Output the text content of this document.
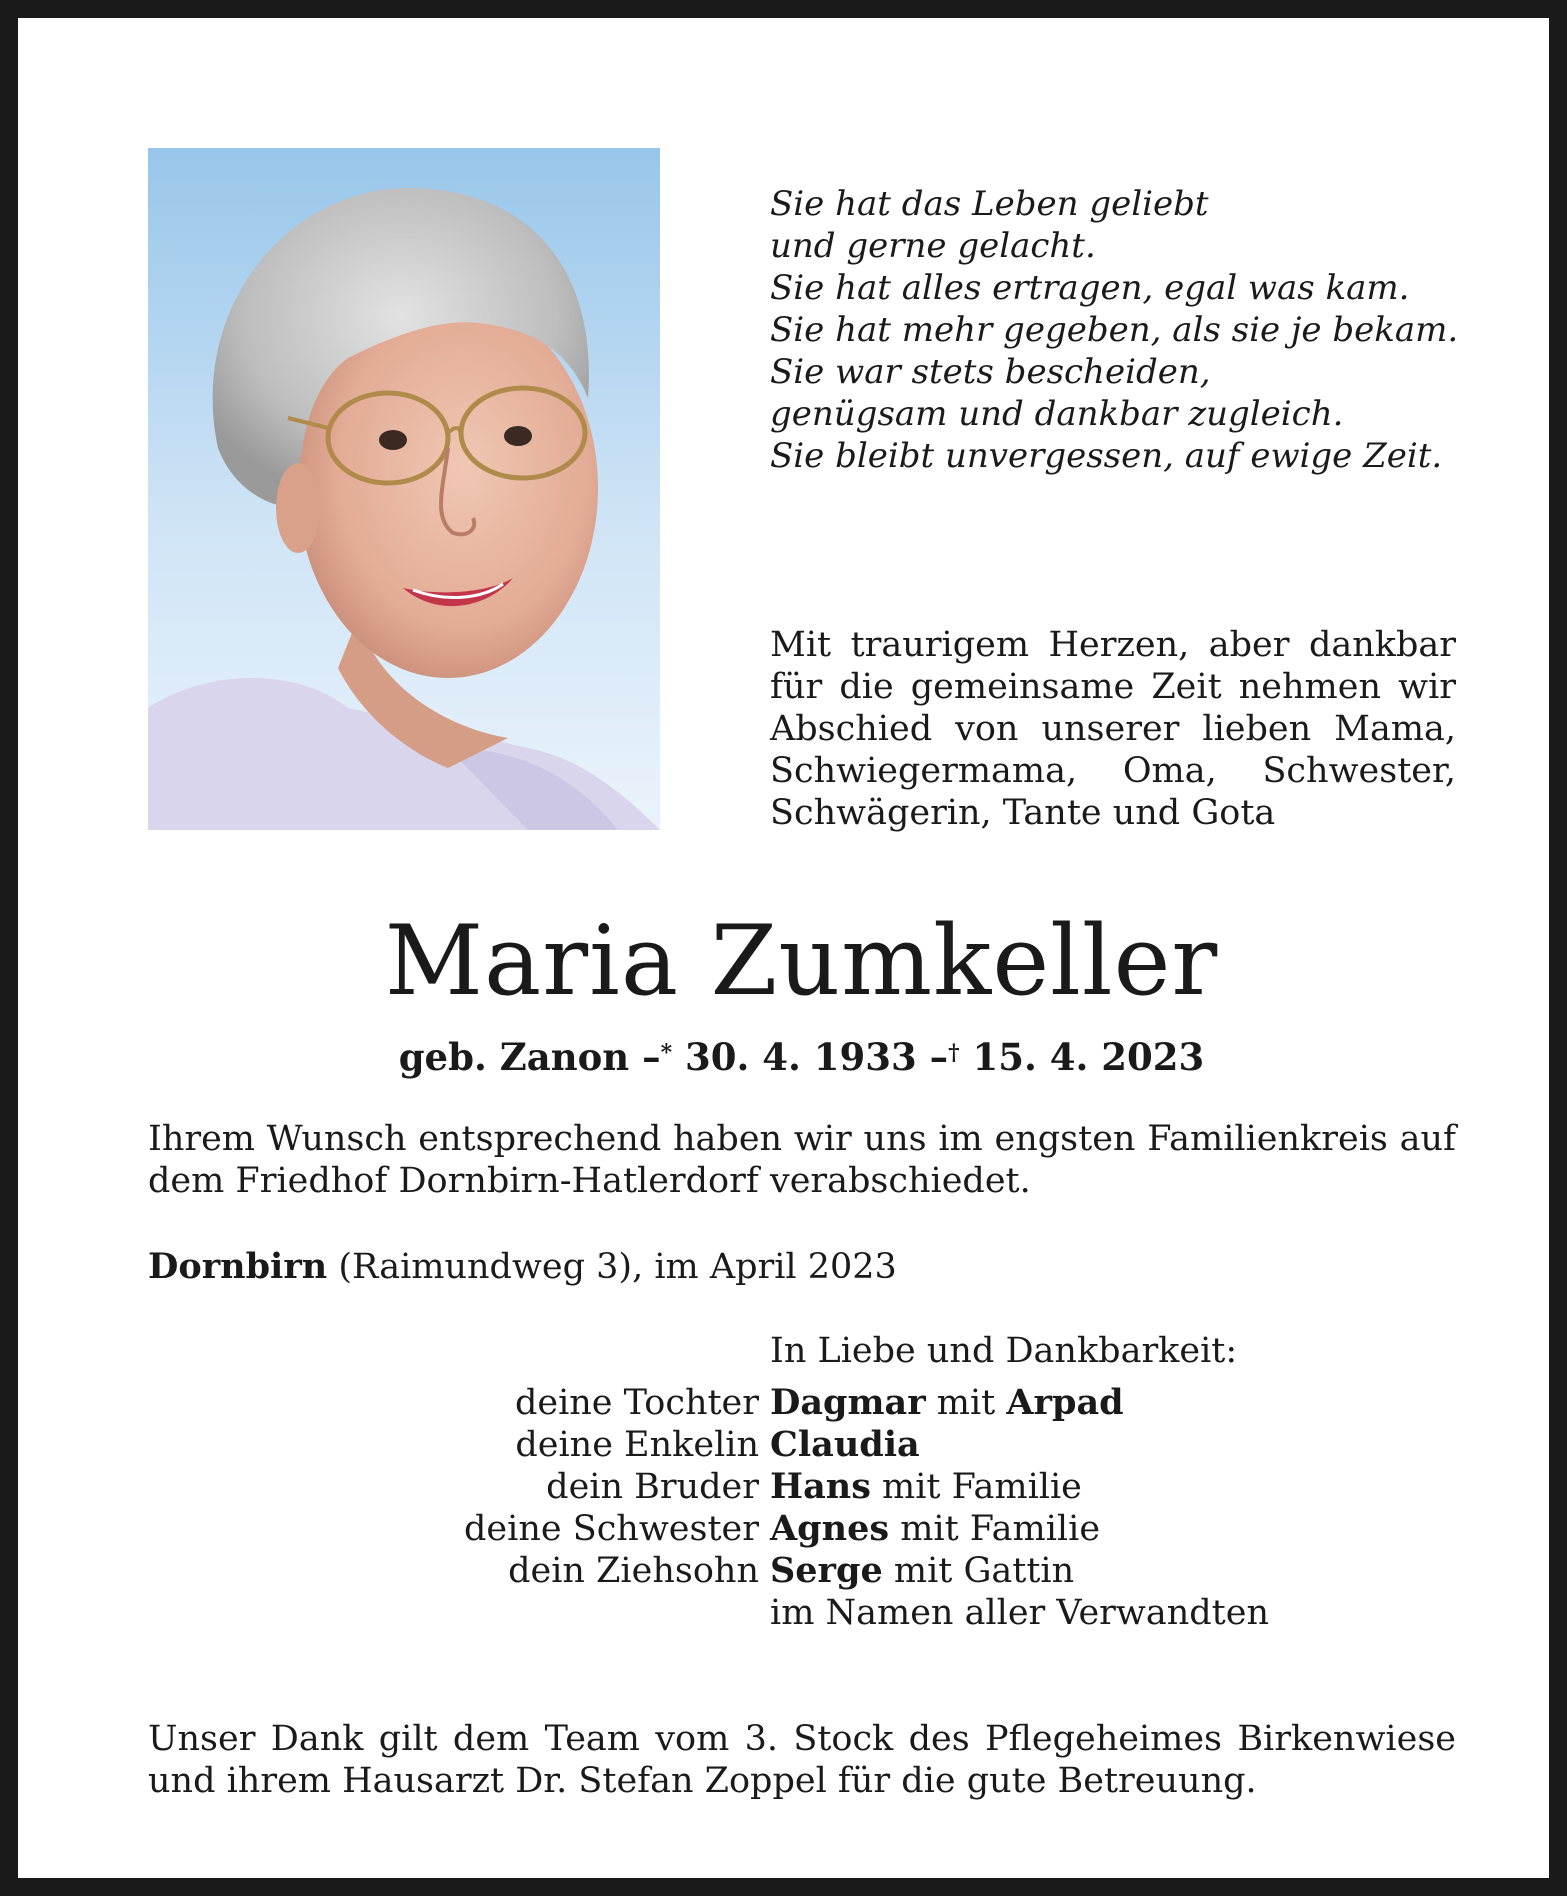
Sie hat das Leben geliebt
und gerne gelacht.
Sie hat alles ertragen, egal was kam.
Sie hat mehr gegeben, als sie je bekam.
Sie war stets bescheiden,
genügsam und dankbar zugleich.
Sie bleibt unvergessen, auf ewige Zeit.
Mit traurigem Herzen, aber dankbar für die gemeinsame Zeit nehmen wir Abschied von unserer lieben Mama, Schwiegermama, Oma, Schwester, Schwägerin, Tante und Gota
Maria Zumkeller
geb. Zanon –* 30. 4. 1933 –† 15. 4. 2023
Ihrem Wunsch entsprechend haben wir uns im engsten Familienkreis auf dem Friedhof Dornbirn-Hatlerdorf verabschiedet.
Dornbirn (Raimundweg 3), im April 2023
In Liebe und Dankbarkeit:
deine Tochter Dagmar mit Arpad
deine Enkelin Claudia
dein Bruder Hans mit Familie
deine Schwester Agnes mit Familie
dein Ziehsohn Serge mit Gattin
im Namen aller Verwandten
Unser Dank gilt dem Team vom 3. Stock des Pflegeheimes Birkenwiese und ihrem Hausarzt Dr. Stefan Zoppel für die gute Betreuung.
